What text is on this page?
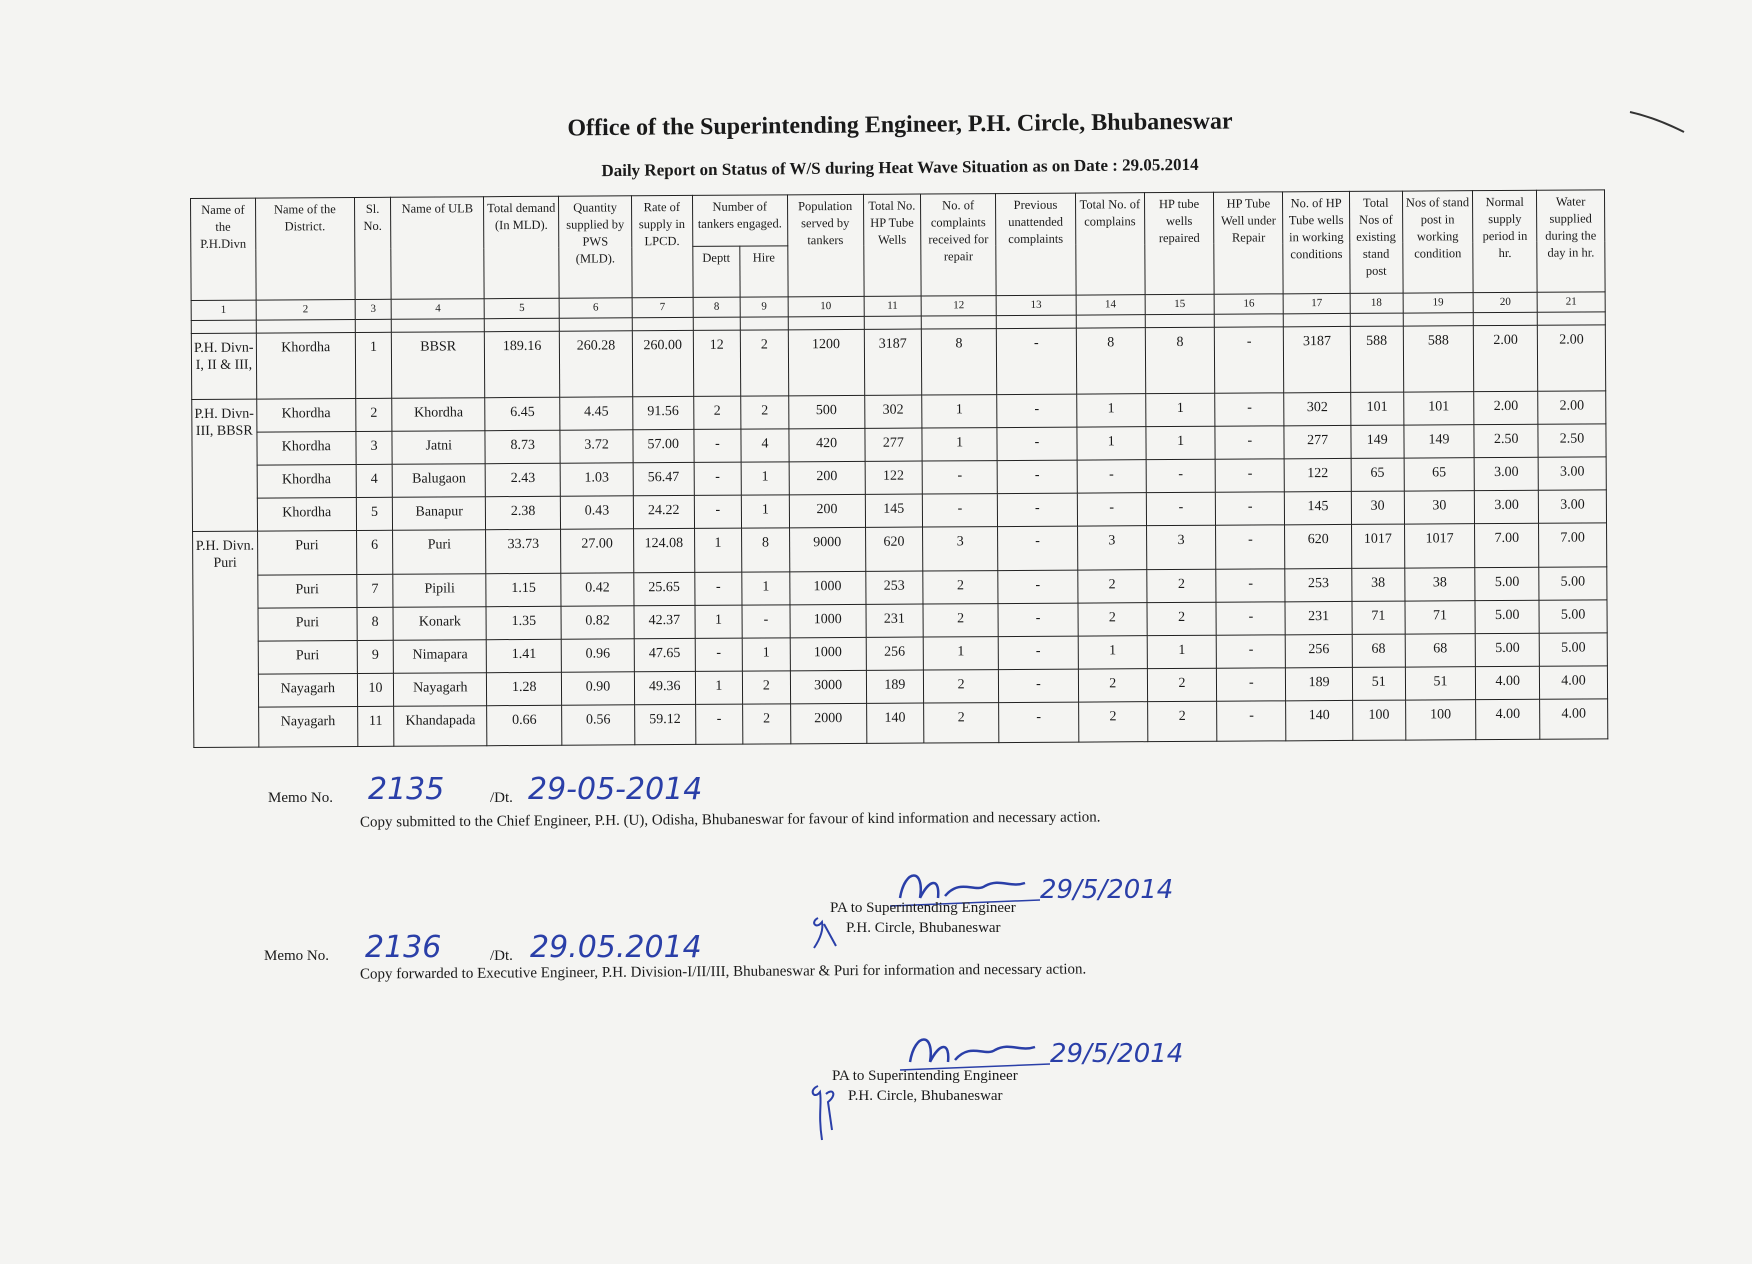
Office of the Superintending Engineer, P.H. Circle, Bhubaneswar
Daily Report on Status of W/S during Heat Wave Situation as on Date : 29.05.2014
Name of the P.H.Divn	Name of the District.	Sl. No.	Name of ULB	Total demand (In MLD).	Quantity supplied by PWS (MLD).	Rate of supply in LPCD.	Number of tankers engaged.		Population served by tankers	Total No. HP Tube Wells	No. of complaints received for repair	Previous unattended complaints	Total No. of complains	HP tube wells repaired	HP Tube Well under Repair	No. of HP Tube wells in working conditions	Total Nos of existing stand post	Nos of stand post in working condition	Normal supply period in hr.	Water supplied during the day in hr.
							Deptt	Hire												
1	2	3	4	5	6	7	8	9	10	11	12	13	14	15	16	17	18	19	20	21

P.H. Divn-I, II & III,	Khordha	1	BBSR	189.16	260.28	260.00	12	2	1200	3187	8	-	8	8	-	3187	588	588	2.00	2.00
P.H. Divn-III, BBSR	Khordha	2	Khordha	6.45	4.45	91.56	2	2	500	302	1	-	1	1	-	302	101	101	2.00	2.00
	Khordha	3	Jatni	8.73	3.72	57.00	-	4	420	277	1	-	1	1	-	277	149	149	2.50	2.50
	Khordha	4	Balugaon	2.43	1.03	56.47	-	1	200	122	-	-	-	-	-	122	65	65	3.00	3.00
	Khordha	5	Banapur	2.38	0.43	24.22	-	1	200	145	-	-	-	-	-	145	30	30	3.00	3.00
P.H. Divn. Puri	Puri	6	Puri	33.73	27.00	124.08	1	8	9000	620	3	-	3	3	-	620	1017	1017	7.00	7.00
	Puri	7	Pipili	1.15	0.42	25.65	-	1	1000	253	2	-	2	2	-	253	38	38	5.00	5.00
	Puri	8	Konark	1.35	0.82	42.37	1	-	1000	231	2	-	2	2	-	231	71	71	5.00	5.00
	Puri	9	Nimapara	1.41	0.96	47.65	-	1	1000	256	1	-	1	1	-	256	68	68	5.00	5.00
	Nayagarh	10	Nayagarh	1.28	0.90	49.36	1	2	3000	189	2	-	2	2	-	189	51	51	4.00	4.00
	Nayagarh	11	Khandapada	0.66	0.56	59.12	-	2	2000	140	2	-	2	2	-	140	100	100	4.00	4.00
Memo No. 2135	/Dt. 29-05-2014
Copy submitted to the Chief Engineer, P.H. (U), Odisha, Bhubaneswar for favour of kind information and necessary action.
29/5/2014
PA to Superintending Engineer
P.H. Circle, Bhubaneswar
Memo No. 2136	/Dt. 29.05.2014
Copy forwarded to Executive Engineer, P.H. Division-I/II/III, Bhubaneswar & Puri for information and necessary action.
29/5/2014
PA to Superintending Engineer
P.H. Circle, Bhubaneswar
